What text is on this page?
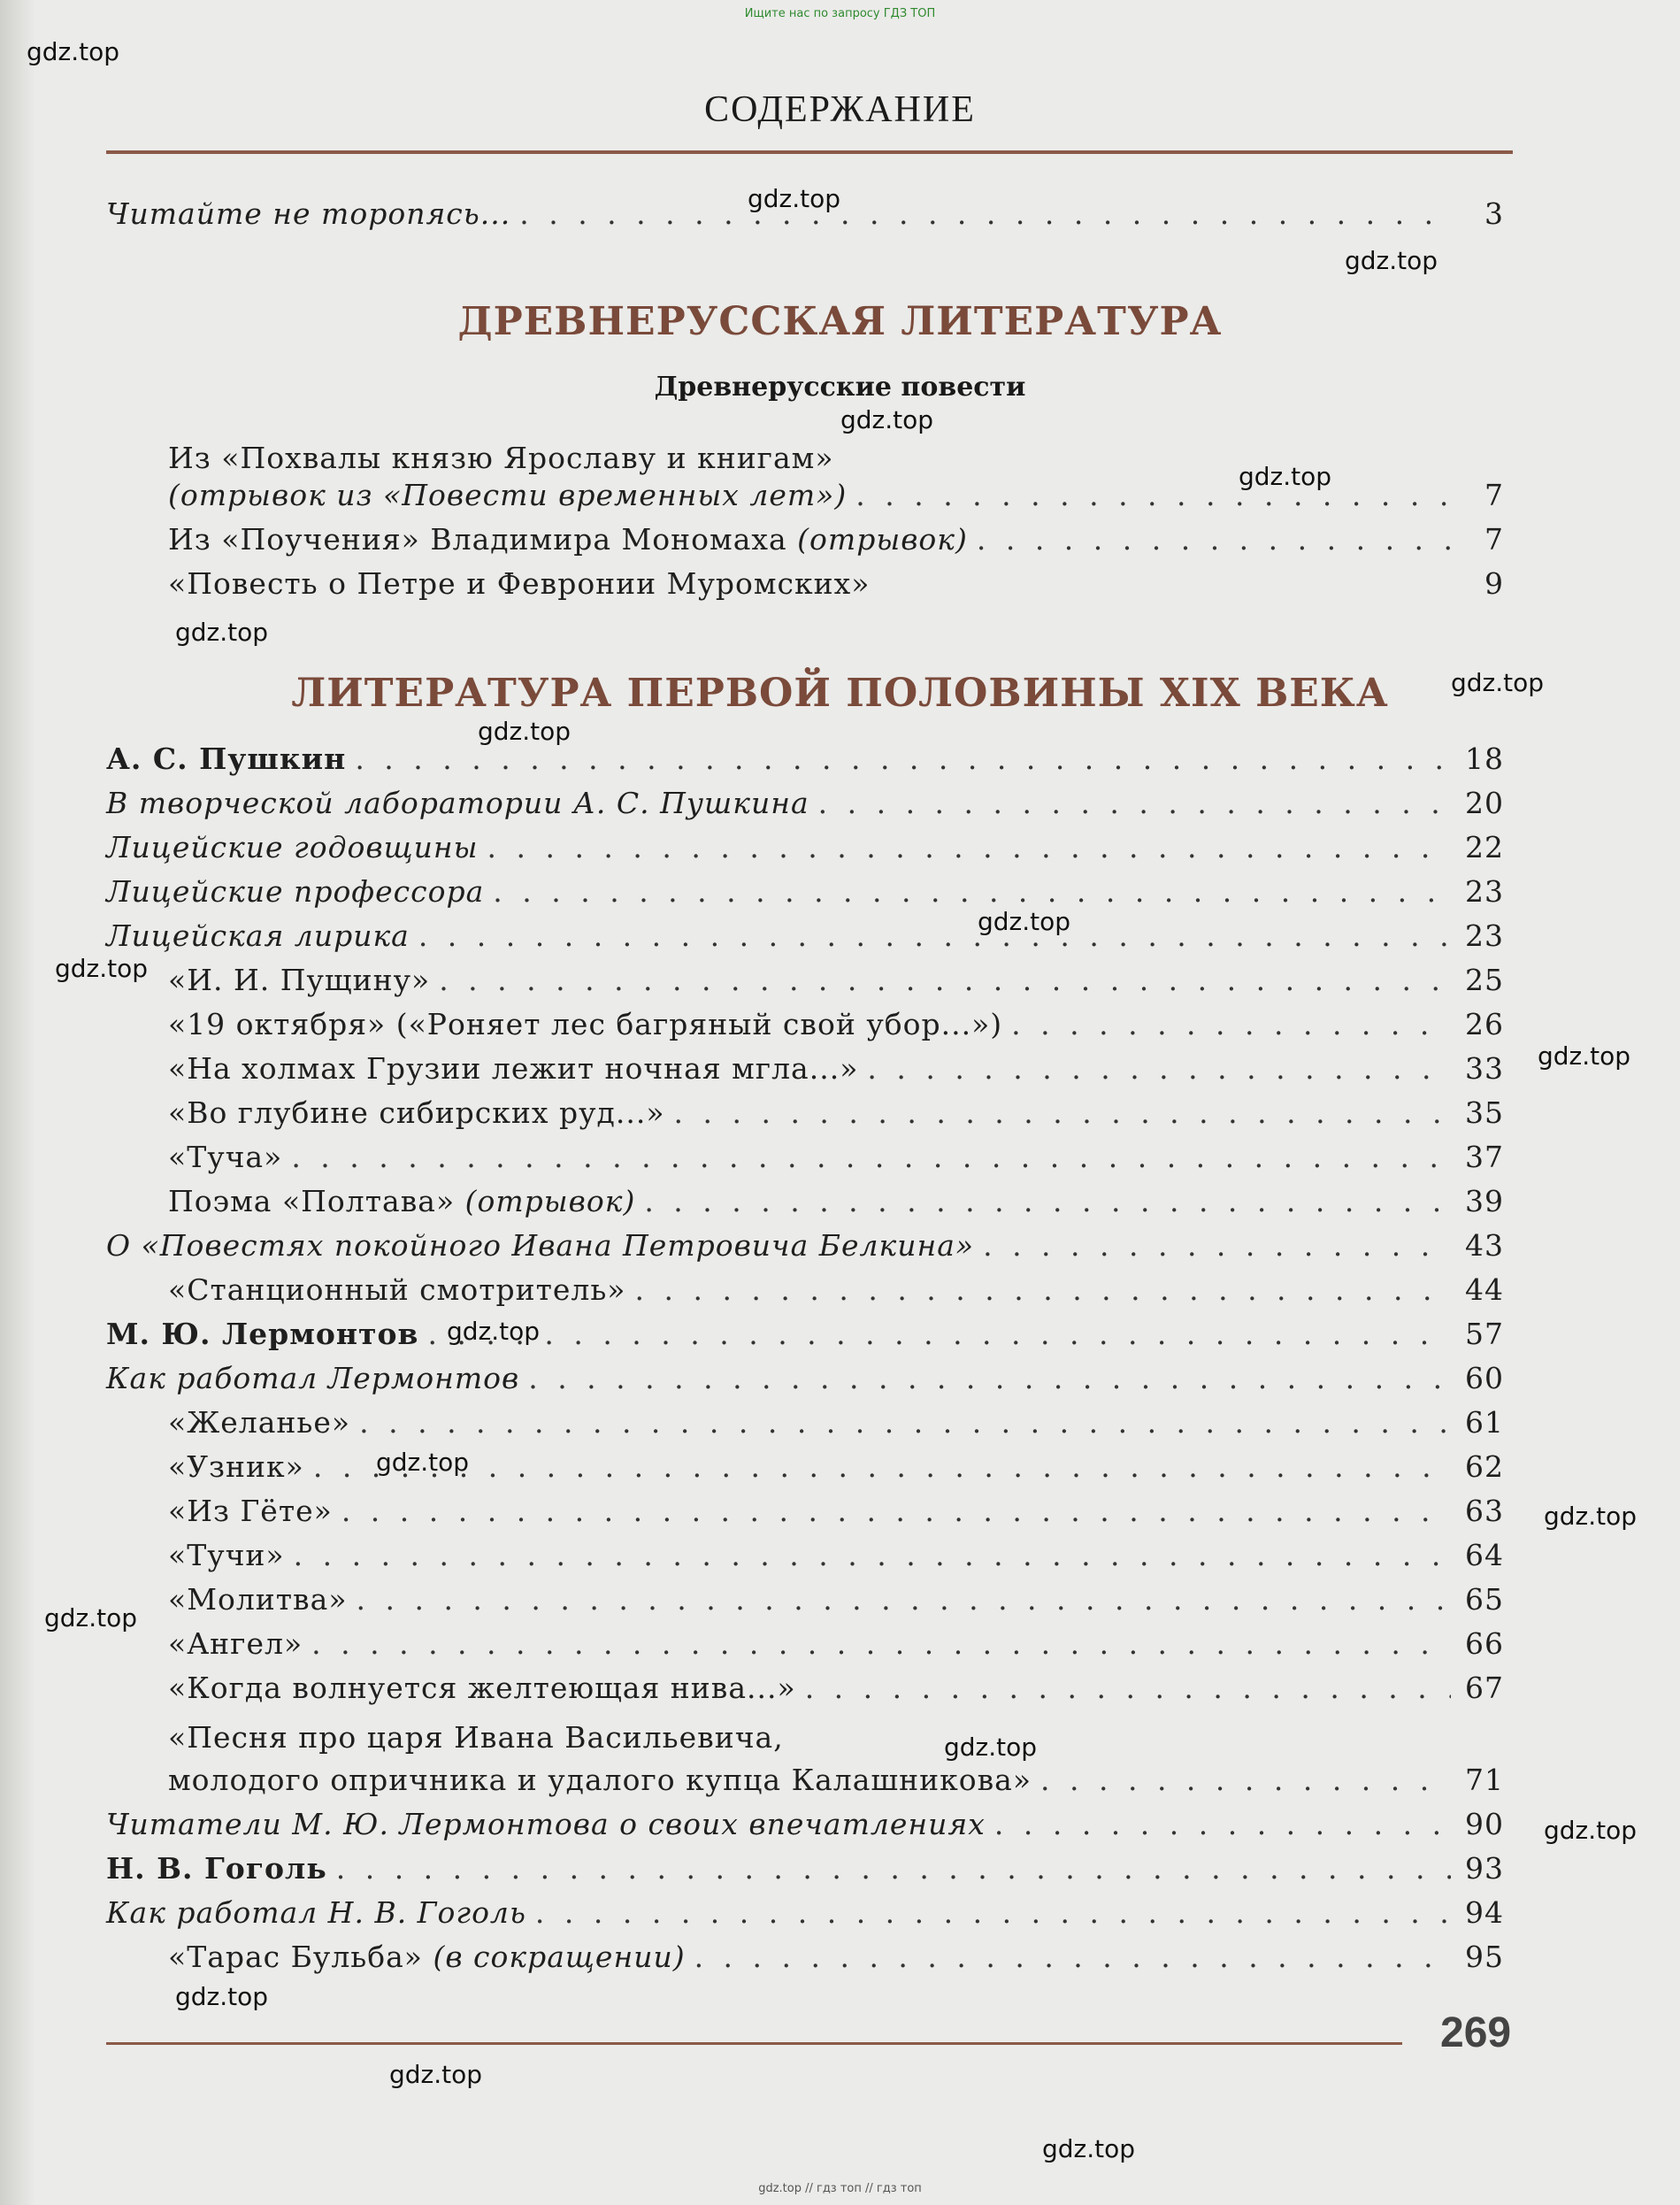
Ищите нас по запросу ГДЗ ТОП
gdz.top
gdz.top
gdz.top
gdz.top
gdz.top
gdz.top
gdz.top
gdz.top
gdz.top
gdz.top
gdz.top
gdz.top
gdz.top
gdz.top
gdz.top
gdz.top
gdz.top
gdz.top
gdz.top
gdz.top
СОДЕРЖАНИЕ
Читайте не торопясь... . . .	3
ДРЕВНЕРУССКАЯ ЛИТЕРАТУРА
Древнерусские повести
Из «Похвалы князю Ярославу и книгам»
(отрывок из «Повести временных лет») . . .	7
Из «Поучения» Владимира Мономаха (отрывок) . . .	7
«Повесть о Петре и Февронии Муромских»	9
ЛИТЕРАТУРА ПЕРВОЙ ПОЛОВИНЫ XIX ВЕКА
А. С. Пушкин . . .	18
В творческой лаборатории А. С. Пушкина . . .	20
Лицейские годовщины . . .	22
Лицейские профессора . . .	23
Лицейская лирика . . .	23
«И. И. Пущину» . . .	25
«19 октября» («Роняет лес багряный свой убор...») . . .	26
«На холмах Грузии лежит ночная мгла...» . . .	33
«Во глубине сибирских руд...» . . .	35
«Туча» . . .	37
Поэма «Полтава» (отрывок) . . .	39
О «Повестях покойного Ивана Петровича Белкина» . . .	43
«Станционный смотритель» . . .	44
М. Ю. Лермонтов . . .	57
Как работал Лермонтов . . .	60
«Желанье» . . .	61
«Узник» . . .	62
«Из Гёте» . . .	63
«Тучи» . . .	64
«Молитва» . . .	65
«Ангел» . . .	66
«Когда волнуется желтеющая нива...» . . .	67
«Песня про царя Ивана Васильевича,
молодого опричника и удалого купца Калашникова» . . .	71
Читатели М. Ю. Лермонтова о своих впечатлениях . . .	90
Н. В. Гоголь . . .	93
Как работал Н. В. Гоголь . . .	94
«Тарас Бульба» (в сокращении) . . .	95
269
gdz.top // гдз топ // гдз топ
